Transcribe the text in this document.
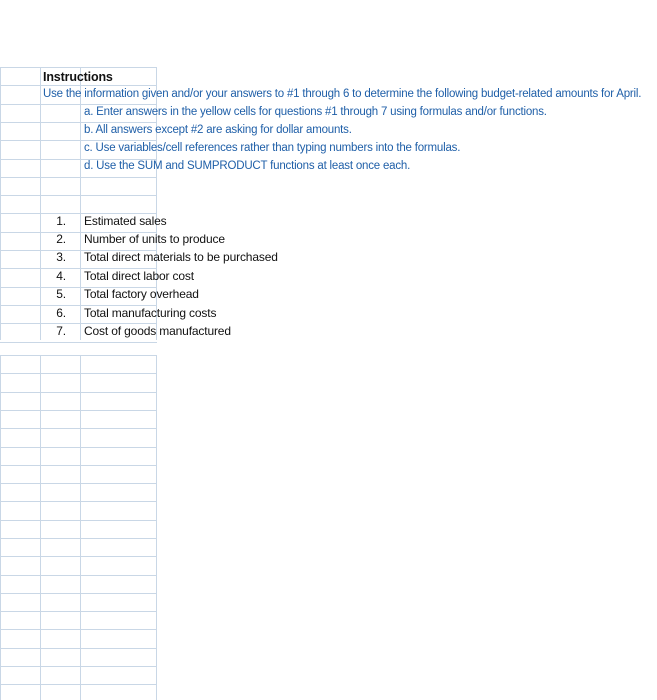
Instructions
Use the information given and/or your answers to #1 through 6 to determine the following budget-related amounts for April.
a. Enter answers in the yellow cells for questions #1 through 7 using formulas and/or functions.
b. All answers except #2 are asking for dollar amounts.
c. Use variables/cell references rather than typing numbers into the formulas.
d. Use the SUM and SUMPRODUCT functions at least once each.
1. Estimated sales
2. Number of units to produce
3. Total direct materials to be purchased
4. Total direct labor cost
5. Total factory overhead
6. Total manufacturing costs
7. Cost of goods manufactured
